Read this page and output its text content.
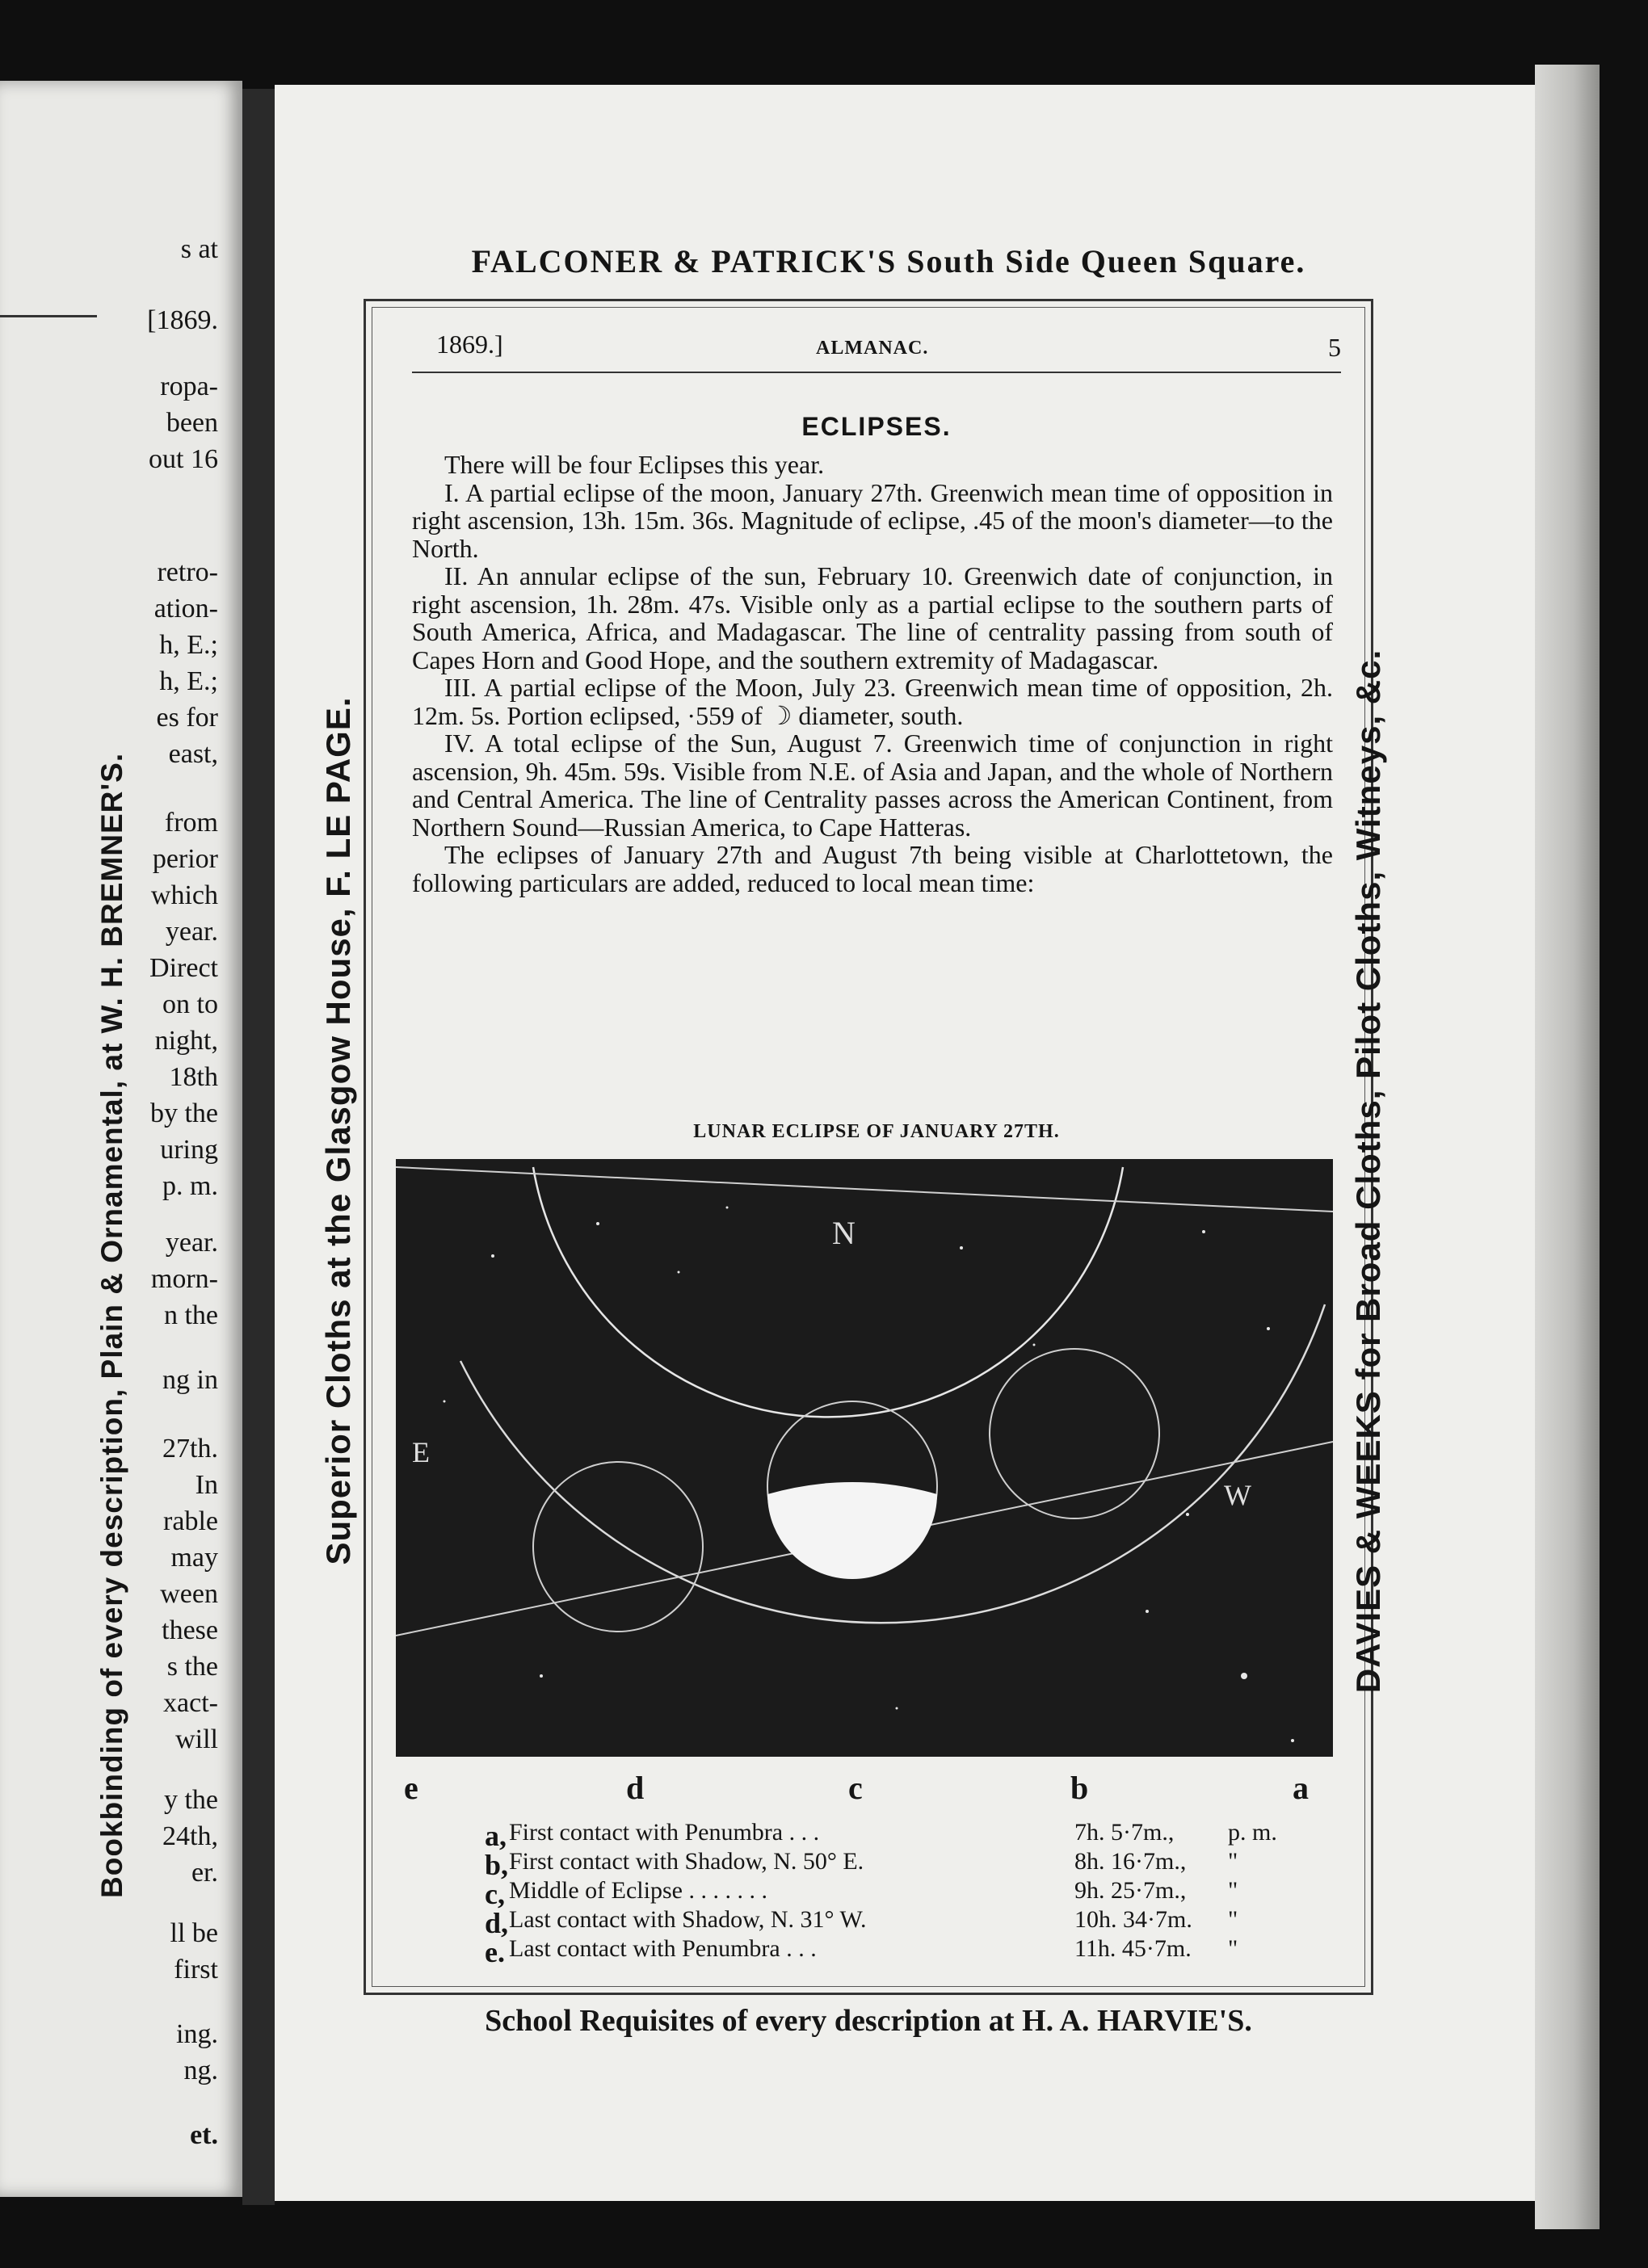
s at
[1869.
ropa-
been
out 16
retro-
ation-
h, E.;
h, E.;
es for
east,
from
perior
which
year.
Direct
on to
night,
18th
by the
uring
p. m.
year.
morn-
n the
ng in
27th.
In
rable
may
ween
these
s the
xact-
will
y the
24th,
er.
ll be
first
ing.
ng.
et.
Bookbinding of every description, Plain & Ornamental, at W. H. BREMNER'S.
FALCONER & PATRICK'S South Side Queen Square.
Superior Cloths at the Glasgow House, F. LE PAGE.	DAVIES & WEEKS for Broad Cloths, Pilot Cloths, Witneys, &c.
School Requisites of every description at H. A. HARVIE'S.
1869.]	ALMANAC.	5
ECLIPSES.

There will be four Eclipses this year.

I. A partial eclipse of the moon, January 27th. Greenwich mean time of opposition in right ascension, 13h. 15m. 36s. Magnitude of eclipse, .45 of the moon's diameter—to the North.

II. An annular eclipse of the sun, February 10. Greenwich date of conjunction, in right ascension, 1h. 28m. 47s. Visible only as a partial eclipse to the southern parts of South America, Africa, and Madagascar. The line of centrality passing from south of Capes Horn and Good Hope, and the southern extremity of Madagascar.

III. A partial eclipse of the Moon, July 23. Greenwich mean time of opposition, 2h. 12m. 5s. Portion eclipsed, ·559 of ☽ diameter, south.

IV. A total eclipse of the Sun, August 7. Greenwich time of conjunction in right ascension, 9h. 45m. 59s. Visible from N.E. of Asia and Japan, and the whole of Northern and Central America. The line of Centrality passes across the American Continent, from Northern Sound—Russian America, to Cape Hatteras.

The eclipses of January 27th and August 7th being visible at Charlottetown, the following particulars are added, reduced to local mean time:

LUNAR ECLIPSE OF JANUARY 27TH.
N
E
W
e	d	c	b	a
a, First contact with Penumbra . . .	7h. 5·7m., p. m.
b, First contact with Shadow, N. 50° E.	8h. 16·7m., "
c, Middle of Eclipse . . . . . . .	9h. 25·7m., "
d, Last contact with Shadow, N. 31° W.	10h. 34·7m. "
e. Last contact with Penumbra . . .	11h. 45·7m. "
